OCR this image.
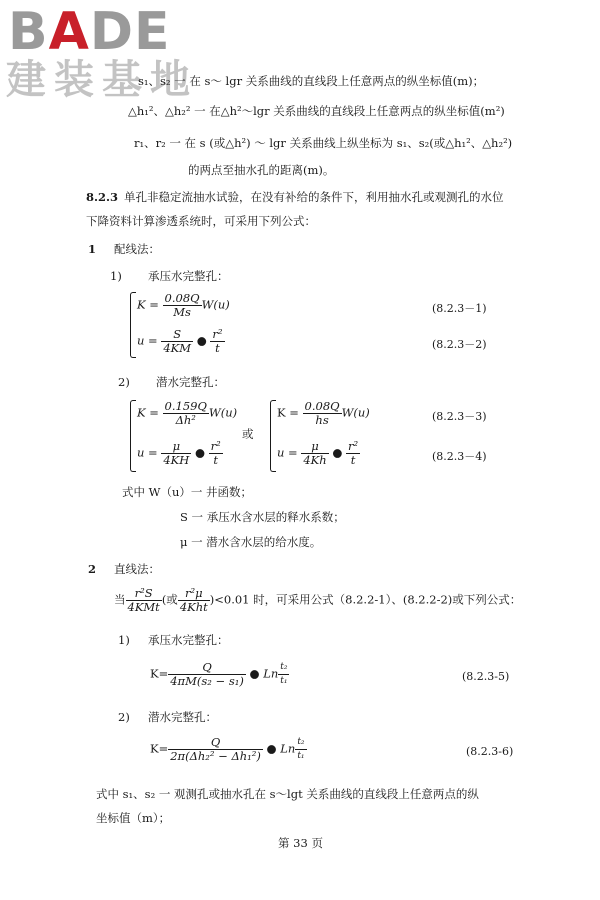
BADE
建装基地
s₁、s₂ 一 在 s～ lgr 关系曲线的直线段上任意两点的纵坐标值(m)；
△h₁²、△h₂² 一 在△h²～lgr 关系曲线的直线段上任意两点的纵坐标值(m²)
r₁、r₂ 一 在 s (或△h²) ～ lgr 关系曲线上纵坐标为 s₁、s₂(或△h₁²、△h₂²)
的两点至抽水孔的距离(m)。
8.2.3 单孔非稳定流抽水试验，在没有补给的条件下，利用抽水孔或观测孔的水位
下降资料计算渗透系统时，可采用下列公式：
1 配线法：
1) 承压水完整孔：
$K = \frac{0.08Q}{Ms} W(u)$	(8.2.3－1)
$u = \frac{S}{4KM}$ ● $\frac{\text{r²}}{t}$	(8.2.3－2)
2) 潜水完整孔：
$K = \frac{0.159Q}{\text{Δh²}} W(u)$
$u = \frac{\mu}{4KH}$ ● $\frac{\text{r²}}{t}$
或
$K = \frac{0.08Q}{h̄s} W(u)$	(8.2.3－3)
$u = \frac{\mu}{4Kh̄}$ ● $\frac{\text{r²}}{t}$	(8.2.3－4)
式中 W（u）一 井函数；
S 一 承压水含水层的释水系数；
μ 一 潜水含水层的给水度。
2 直线法：
当 $\frac{\text{r²S}}{\text{4KMt}}$ (或 $\frac{\text{r²μ}}{4Kh̄t} )<0.01$ 时，可采用公式（8.2.2-1）、(8.2.2-2)或下列公式：
1) 承压水完整孔：
$K= \frac{Q}{\text{4πM(s₂ − s₁)}}$ ● Ln $\frac{\text{t₂}}{\text{t₁}}$	(8.2.3-5)
2) 潜水完整孔：
$K= \frac{Q}{\text{2π(Δh₂² − Δh₁²)}}$ ● Ln $\frac{\text{t₂}}{\text{t₁}}$	(8.2.3-6)
式中 s₁、s₂ 一 观测孔或抽水孔在 s～lgt 关系曲线的直线段上任意两点的纵
坐标值（m）；
第 33 页
